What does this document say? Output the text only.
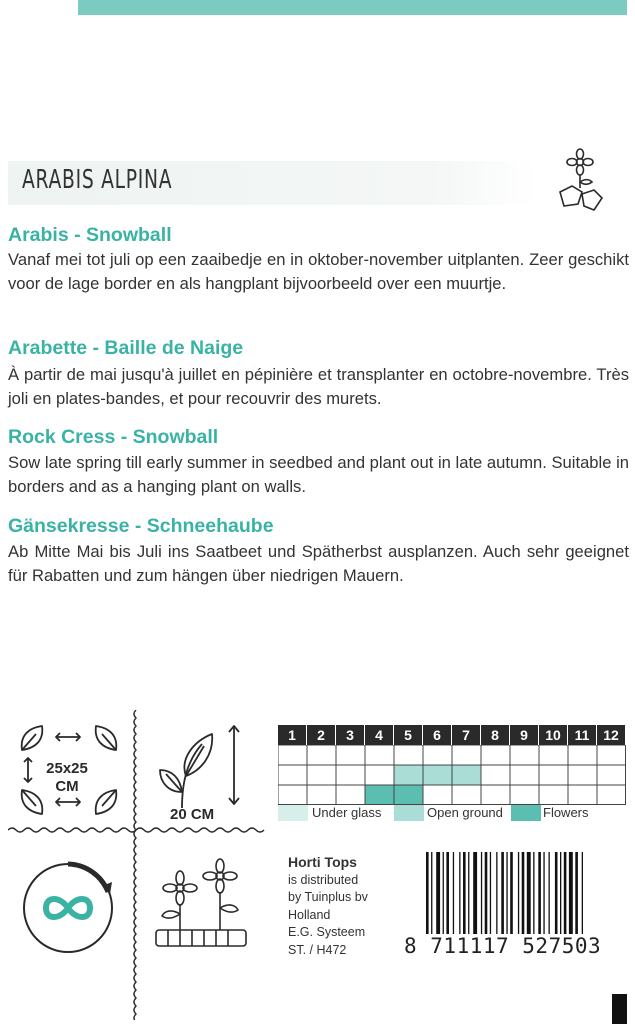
ARABIS ALPINA
Arabis - Snowball

Vanaf mei tot juli op een zaaibedje en in oktober-november uitplanten. Zeer geschikt voor de lage border en als hangplant bijvoorbeeld over een muurtje.

Arabette - Baille de Naige

À partir de mai jusqu'à juillet en pépinière et transplanter en octobre-novembre. Très joli en plates-bandes, et pour recouvrir des murets.

Rock Cress - Snowball

Sow late spring till early summer in seedbed and plant out in late autumn. Suitable in borders and as a hanging plant on walls.

Gänsekresse - Schneehaube

Ab Mitte Mai bis Juli ins Saatbeet und Spätherbst ausplanzen. Auch sehr geeignet für Rabatten und zum hängen über niedrigen Mauern.

25x25
CM
20 CM
1	2	3	4	5	6	7	8	9	10 11 12
Under glass	Open ground	Flowers
Horti Tops
is distributed
by Tuinplus bv
Holland
E.G. Systeem
ST. / H472	8 711117 527503
